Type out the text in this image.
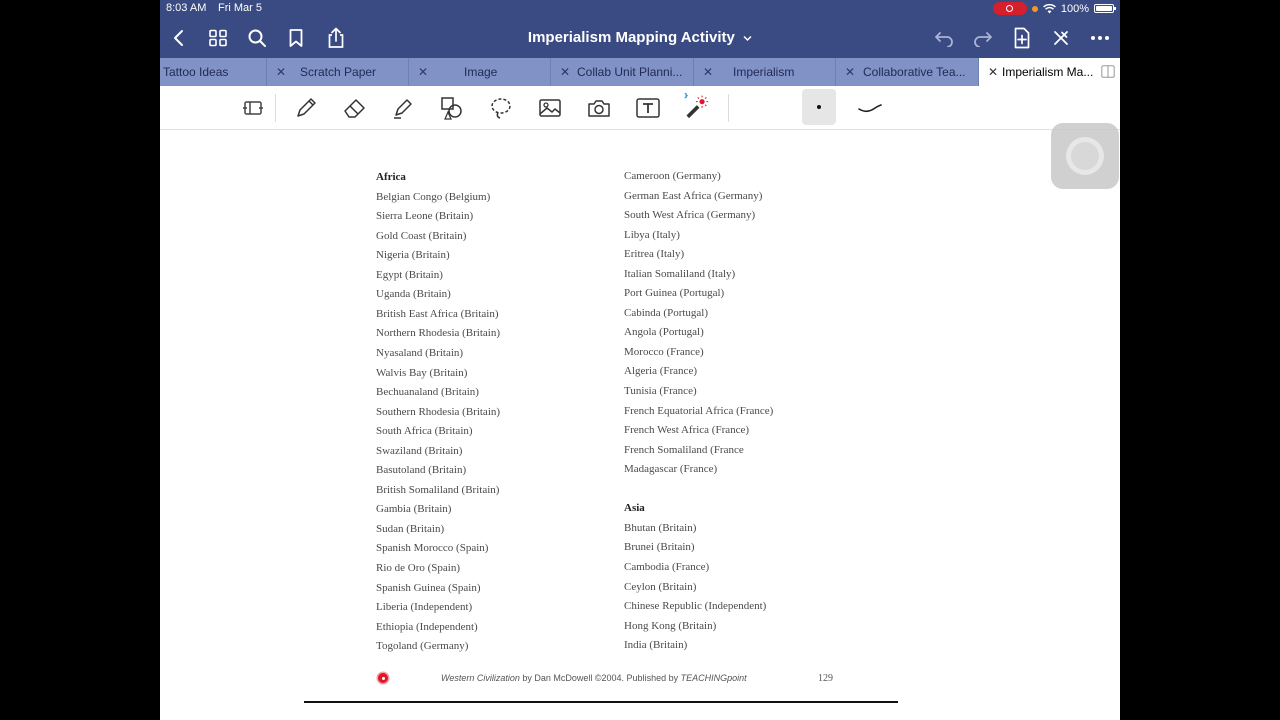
8:03 AM Fri Mar 5	100%
Imperialism Mapping Activity
Tattoo Ideas	✕ Scratch Paper	✕	Image	✕ Collab Unit Planni... ✕ Imperialism	✕ Collaborative Tea... ✕ Imperialism Ma...
Africa
Belgian Congo (Belgium)
Sierra Leone (Britain)
Gold Coast (Britain)
Nigeria (Britain)
Egypt (Britain)
Uganda (Britain)
British East Africa (Britain)
Northern Rhodesia (Britain)
Nyasaland (Britain)
Walvis Bay (Britain)
Bechuanaland (Britain)
Southern Rhodesia (Britain)
South Africa (Britain)
Swaziland (Britain)
Basutoland (Britain)
British Somaliland (Britain)
Gambia (Britain)
Sudan (Britain)
Spanish Morocco (Spain)
Rio de Oro (Spain)
Spanish Guinea (Spain)
Liberia (Independent)
Ethiopia (Independent)
Togoland (Germany)
Cameroon (Germany)
German East Africa (Germany)
South West Africa (Germany)
Libya (Italy)
Eritrea (Italy)
Italian Somaliland (Italy)
Port Guinea (Portugal)
Cabinda (Portugal)
Angola (Portugal)
Morocco (France)
Algeria (France)
Tunisia (France)
French Equatorial Africa (France)
French West Africa (France)
French Somaliland (France
Madagascar (France)
Asia
Bhutan (Britain)
Brunei (Britain)
Cambodia (France)
Ceylon (Britain)
Chinese Republic (Independent)
Hong Kong (Britain)
India (Britain)
Western Civilization by Dan McDowell ©2004. Published by TEACHINGpoint	129
